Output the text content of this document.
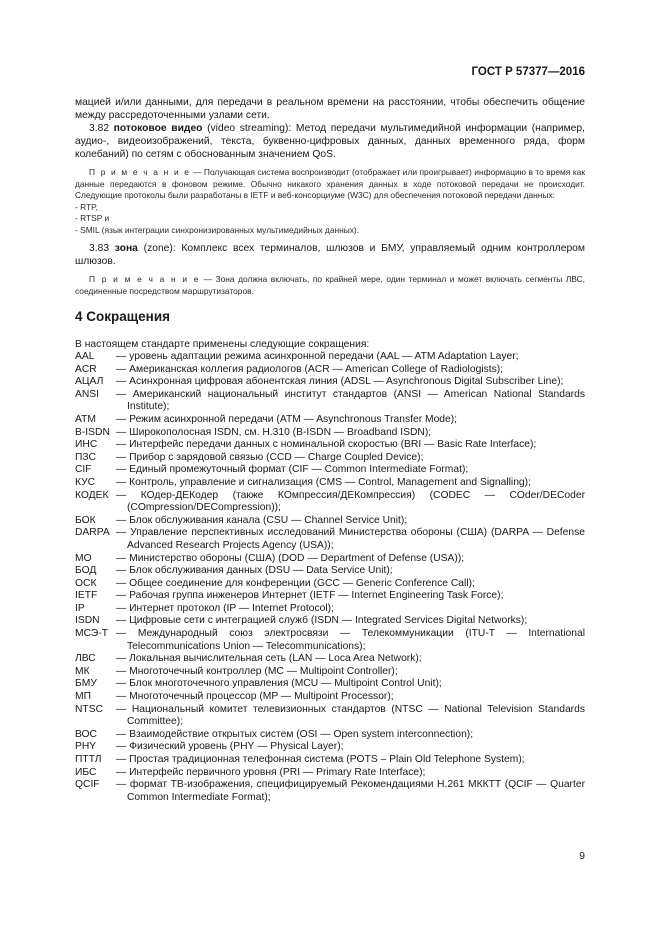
ГОСТ Р 57377—2016

мацией и/или данными, для передачи в реальном времени на расстоянии, чтобы обеспечить общение между рассредоточенными узлами сети.

3.82 потоковое видео (video streaming): Метод передачи мультимедийной информации (например, аудио-, видеоизображений, текста, буквенно-цифровых данных, данных временного ряда, форм колебаний) по сетям с обоснованным значением QoS.

П р и м е ч а н и е — Получающая система воспроизводит (отображает или проигрывает) информацию в то время как данные передаются в фоновом режиме. Обычно никакого хранения данных в ходе потоковой передачи не происходит. Следующие протоколы были разработаны в IETF и веб-консорциуме (W3C) для обеспечения потоковой передачи данных:

- RTP,
- RTSP и
- SMIL (язык интеграции синхронизированных мультимедийных данных).

3.83 зона (zone): Комплекс всех терминалов, шлюзов и БМУ, управляемый одним контроллером шлюзов.

П р и м е ч а н и е — Зона должна включать, по крайней мере, один терминал и может включать сегменты ЛВС, соединенные посредством маршрутизаторов.

4 Сокращения

В настоящем стандарте применены следующие сокращения:

AAL	— уровень адаптации режима асинхронной передачи (AAL — ATM Adaptation Layer;
ACR	— Американская коллегия радиологов (ACR — American College of Radiologists);
АЦАЛ	— Асинхронная цифровая абонентская линия (ADSL — Asynchronous Digital Subscriber Line);
ANSI	— Американский национальный институт стандартов (ANSI — American National Standards Institute);
АТМ	— Режим асинхронной передачи (ATM — Asynchronous Transfer Mode);
B-ISDN — Широкополосная ISDN, см. H.310 (B-ISDN — Broadband ISDN);
ИНС	— Интерфейс передачи данных с номинальной скоростью (BRI — Basic Rate Interface);
ПЗС	— Прибор с зарядовой связью (CCD — Charge Coupled Device);
CIF	— Единый промежуточный формат (CIF — Common Intermediate Format);
КУС	— Контроль, управление и сигнализация (CMS — Control, Management and Signalling);
КОДЕК — КОдер-ДЕКодер (также КОмпрессия/ДЕКомпрессия) (CODEC — COder/DECoder (COmpression/DECompression));
БОК	— Блок обслуживания канала (CSU — Channel Service Unit);
DARPA — Управление перспективных исследований Министерства обороны (США) (DARPA — Defense Advanced Research Projects Agency (USA));
МО	— Министерство обороны (США) (DOD — Department of Defense (USA));
БОД	— Блок обслуживания данных (DSU — Data Service Unit);
ОСК	— Общее соединение для конференции (GCC — Generic Conference Call);
IETF	— Рабочая группа инженеров Интернет (IETF — Internet Engineering Task Force);
IP	— Интернет протокол (IP — Internet Protocol);
ISDN	— Цифровые сети с интеграцией служб (ISDN — Integrated Services Digital Networks);
МСЭ-Т — Международный союз электросвязи — Телекоммуникации (ITU-T — International Telecommunications Union — Telecommunications);
ЛВС	— Локальная вычислительная сеть (LAN — Loca Area Network);
МК	— Многоточечный контроллер (MC — Multipoint Controller);
БМУ	— Блок многоточечного управления (MCU — Multipoint Control Unit);
МП	— Многоточечный процессор (MP — Multipoint Processor);
NTSC	— Национальный комитет телевизионных стандартов (NTSC — National Television Standards Committee);
ВОС	— Взаимодействие открытых систем (OSI — Open system interconnection);
PHY	— Физический уровень (PHY — Physical Layer);
ПТТЛ	— Простая традиционная телефонная система (POTS – Plain Old Telephone System);
ИБС	— Интерфейс первичного уровня (PRI — Primary Rate Interface);
QCIF	— формат ТВ-изображения, специфицируемый Рекомендациями H.261 МККТТ (QCIF — Quarter Common Intermediate Format);
9
